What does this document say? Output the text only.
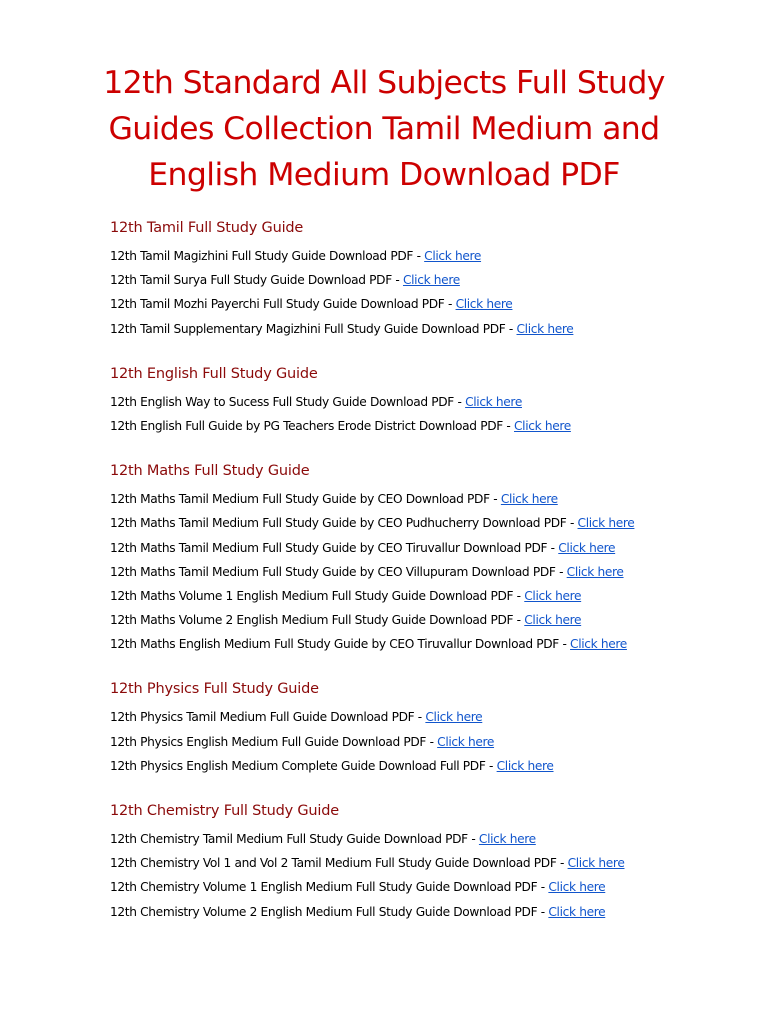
12th Standard All Subjects Full Study Guides Collection Tamil Medium and English Medium Download PDF
12th Tamil Full Study Guide
12th Tamil Magizhini Full Study Guide Download PDF - Click here
12th Tamil Surya Full Study Guide Download PDF - Click here
12th Tamil Mozhi Payerchi Full Study Guide Download PDF - Click here
12th Tamil Supplementary Magizhini Full Study Guide Download PDF - Click here
12th English Full Study Guide
12th English Way to Sucess Full Study Guide Download PDF - Click here
12th English Full Guide by PG Teachers Erode District Download PDF - Click here
12th Maths Full Study Guide
12th Maths Tamil Medium Full Study Guide by CEO Download PDF - Click here
12th Maths Tamil Medium Full Study Guide by CEO Pudhucherry Download PDF - Click here
12th Maths Tamil Medium Full Study Guide by CEO Tiruvallur Download PDF - Click here
12th Maths Tamil Medium Full Study Guide by CEO Villupuram Download PDF - Click here
12th Maths Volume 1 English Medium Full Study Guide Download PDF - Click here
12th Maths Volume 2 English Medium Full Study Guide Download PDF - Click here
12th Maths English Medium Full Study Guide by CEO Tiruvallur Download PDF - Click here
12th Physics Full Study Guide
12th Physics Tamil Medium Full Guide Download PDF - Click here
12th Physics English Medium Full Guide Download PDF - Click here
12th Physics English Medium Complete Guide Download Full PDF - Click here
12th Chemistry Full Study Guide
12th Chemistry Tamil Medium Full Study Guide Download PDF - Click here
12th Chemistry Vol 1 and Vol 2 Tamil Medium Full Study Guide Download PDF - Click here
12th Chemistry Volume 1 English Medium Full Study Guide Download PDF - Click here
12th Chemistry Volume 2 English Medium Full Study Guide Download PDF - Click here
